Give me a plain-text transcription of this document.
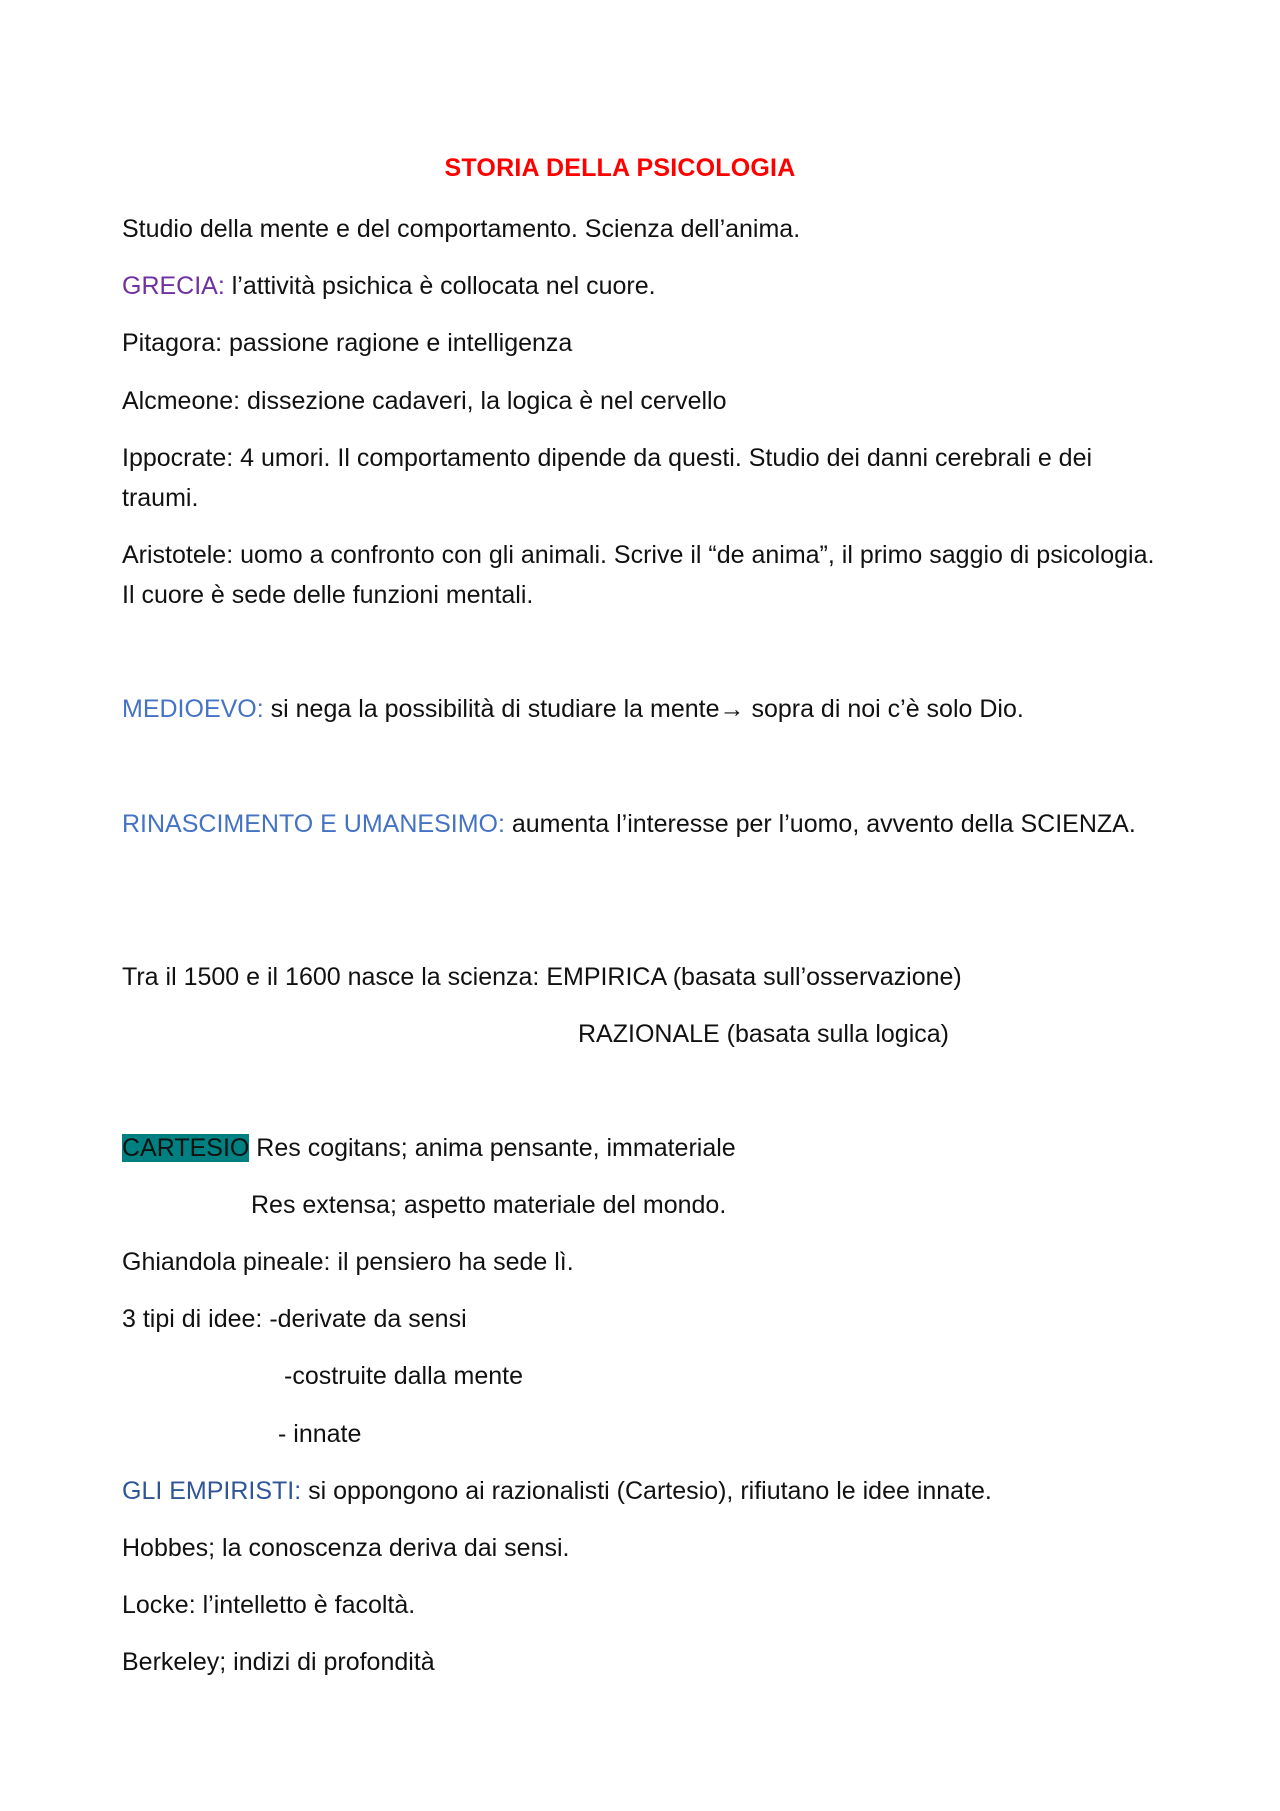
STORIA DELLA PSICOLOGIA
Studio della mente e del comportamento. Scienza dell’anima.
GRECIA: l’attività psichica è collocata nel cuore.
Pitagora: passione ragione e intelligenza
Alcmeone: dissezione cadaveri, la logica è nel cervello
Ippocrate: 4 umori. Il comportamento dipende da questi. Studio dei danni cerebrali e dei traumi.
Aristotele: uomo a confronto con gli animali. Scrive il “de anima”, il primo saggio di psicologia. Il cuore è sede delle funzioni mentali.
MEDIOEVO: si nega la possibilità di studiare la mente→ sopra di noi c’è solo Dio.
RINASCIMENTO E UMANESIMO: aumenta l’interesse per l’uomo, avvento della SCIENZA.
Tra il 1500 e il 1600 nasce la scienza: EMPIRICA (basata sull’osservazione)
RAZIONALE (basata sulla logica)
CARTESIO Res cogitans; anima pensante, immateriale
Res extensa; aspetto materiale del mondo.
Ghiandola pineale: il pensiero ha sede lì.
3 tipi di idee: -derivate da sensi
-costruite dalla mente
- innate
GLI EMPIRISTI: si oppongono ai razionalisti (Cartesio), rifiutano le idee innate.
Hobbes; la conoscenza deriva dai sensi.
Locke: l’intelletto è facoltà.
Berkeley; indizi di profondità
